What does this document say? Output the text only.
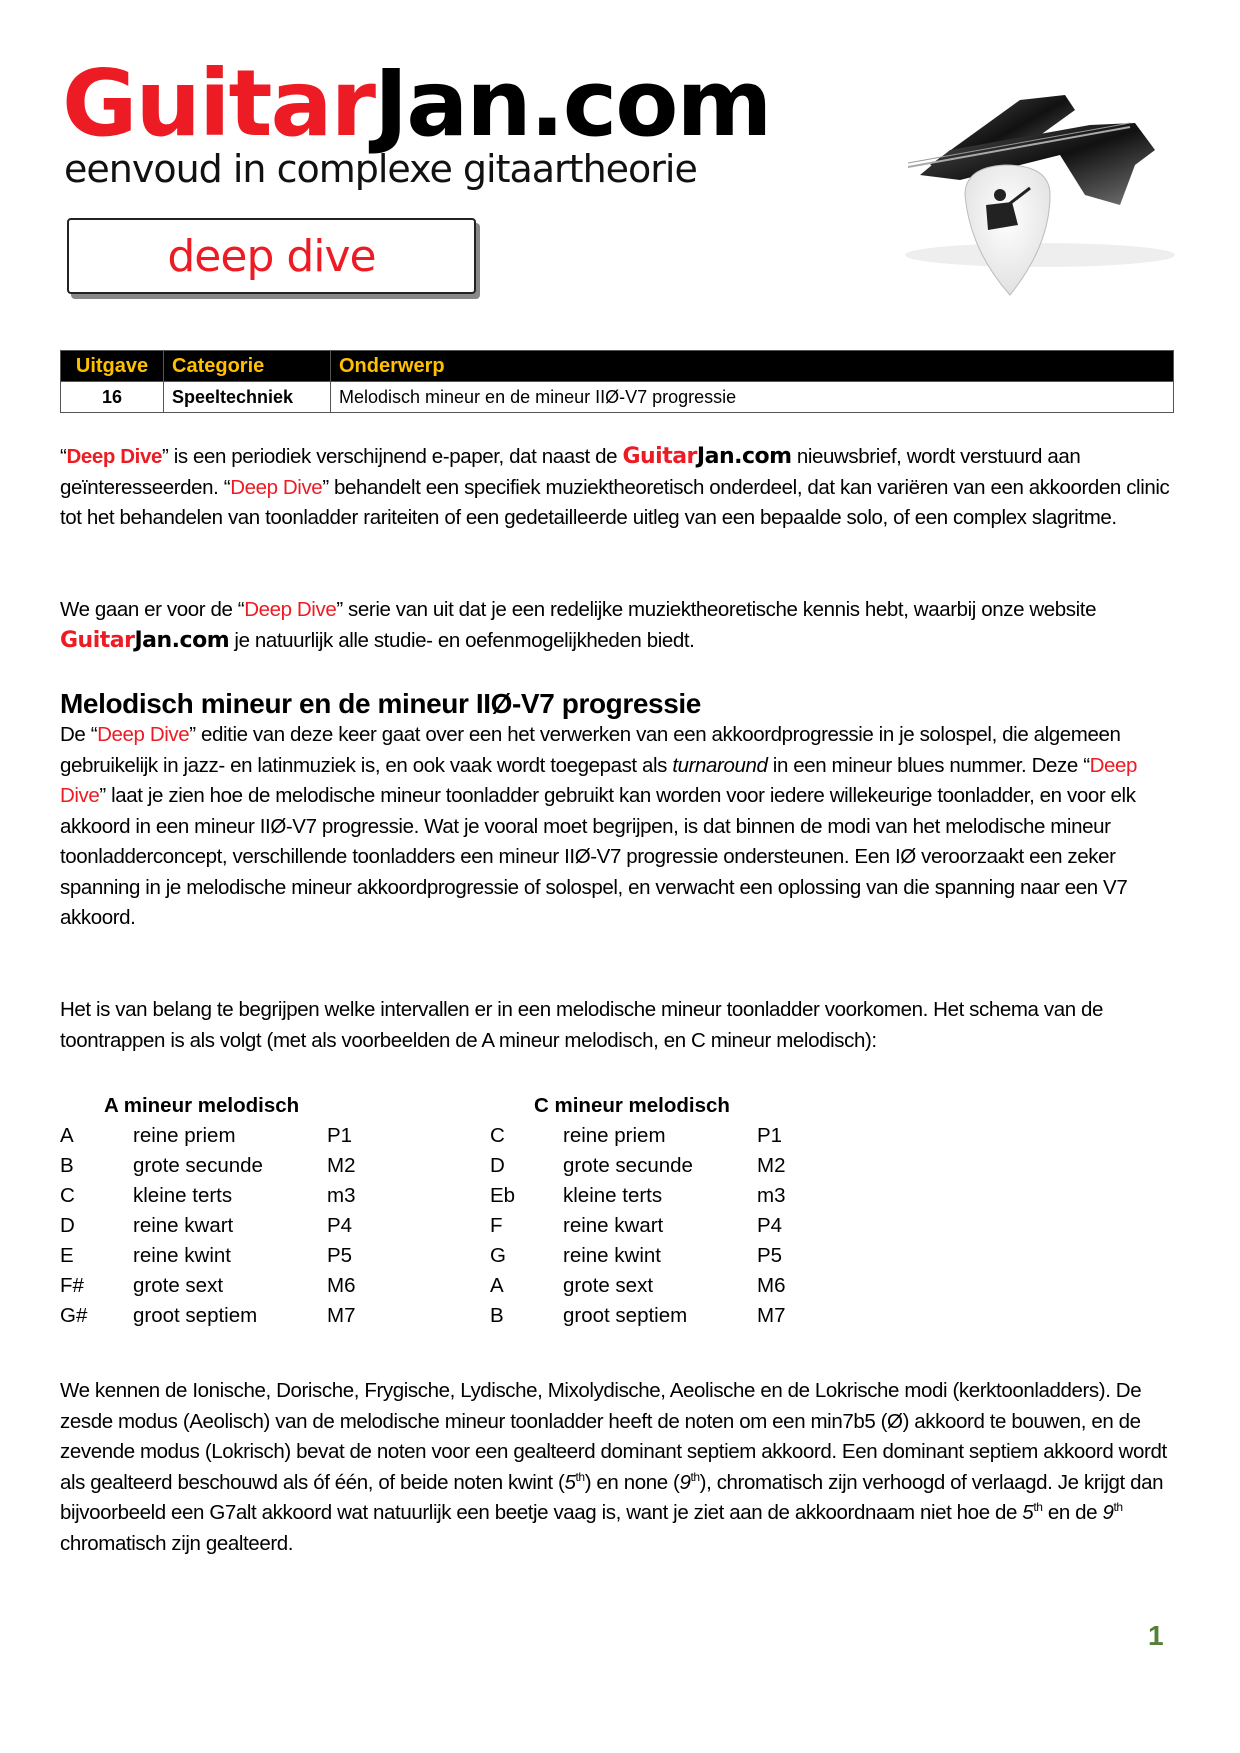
GuitarJan.com
eenvoud in complexe gitaartheorie
deep dive
Uitgave	Categorie	Onderwerp
16	Speeltechniek	Melodisch mineur en de mineur IIØ-V7 progressie

“Deep Dive” is een periodiek verschijnend e-paper, dat naast de GuitarJan.com nieuwsbrief, wordt verstuurd aan geïnteresseerden. “Deep Dive” behandelt een specifiek muziektheoretisch onderdeel, dat kan variëren van een akkoorden clinic tot het behandelen van toonladder rariteiten of een gedetailleerde uitleg van een bepaalde solo, of een complex slagritme.

We gaan er voor de “Deep Dive” serie van uit dat je een redelijke muziektheoretische kennis hebt, waarbij onze website GuitarJan.com je natuurlijk alle studie- en oefenmogelijkheden biedt.

Melodisch mineur en de mineur IIØ-V7 progressie

De “Deep Dive” editie van deze keer gaat over een het verwerken van een akkoordprogressie in je solospel, die algemeen gebruikelijk in jazz- en latinmuziek is, en ook vaak wordt toegepast als turnaround in een mineur blues nummer. Deze “Deep Dive” laat je zien hoe de melodische mineur toonladder gebruikt kan worden voor iedere willekeurige toonladder, en voor elk akkoord in een mineur IIØ-V7 progressie. Wat je vooral moet begrijpen, is dat binnen de modi van het melodische mineur toonladderconcept, verschillende toonladders een mineur IIØ-V7 progressie ondersteunen. Een IØ veroorzaakt een zeker spanning in je melodische mineur akkoordprogressie of solospel, en verwacht een oplossing van die spanning naar een V7 akkoord.

Het is van belang te begrijpen welke intervallen er in een melodische mineur toonladder voorkomen. Het schema van de toontrappen is als volgt (met als voorbeelden de A mineur melodisch, en C mineur melodisch):

A mineur melodisch
A	reine priem	P1
B	grote secunde	M2
C	kleine terts	m3
D	reine kwart	P4
E	reine kwint	P5
F# grote sext	M6
G# groot septiem	M7
C mineur melodisch
C	reine priem	P1
D	grote secunde	M2
Eb kleine terts	m3
F	reine kwart	P4
G	reine kwint	P5
A	grote sext	M6
B	groot septiem	M7

We kennen de Ionische, Dorische, Frygische, Lydische, Mixolydische, Aeolische en de Lokrische modi (kerktoonladders). De zesde modus (Aeolisch) van de melodische mineur toonladder heeft de noten om een min7b5 (Ø) akkoord te bouwen, en de zevende modus (Lokrisch) bevat de noten voor een gealteerd dominant septiem akkoord. Een dominant septiem akkoord wordt als gealteerd beschouwd als óf één, of beide noten kwint (5th) en none (9th), chromatisch zijn verhoogd of verlaagd. Je krijgt dan bijvoorbeeld een G7alt akkoord wat natuurlijk een beetje vaag is, want je ziet aan de akkoordnaam niet hoe de 5th en de 9th chromatisch zijn gealteerd.

1
